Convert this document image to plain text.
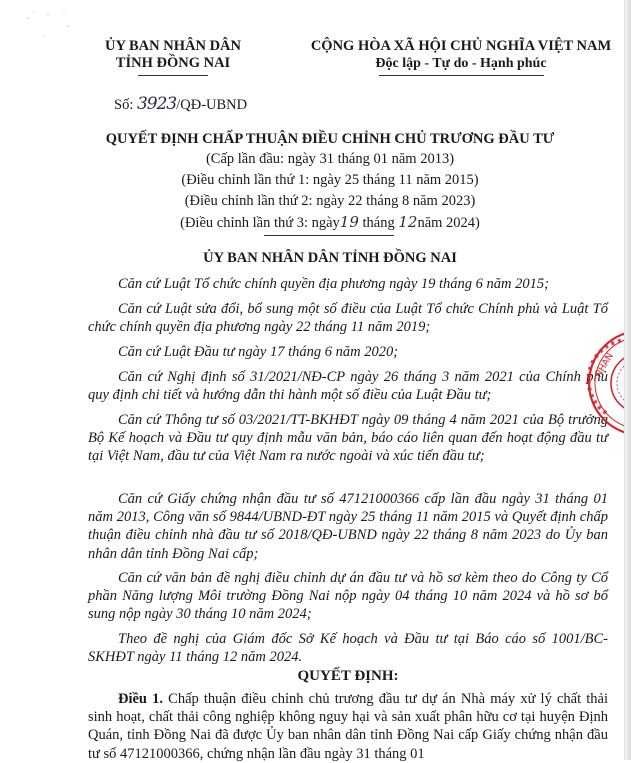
ỦY BAN NHÂN DÂN
TỈNH ĐỒNG NAI
Số: 3923/QĐ-UBND
CỘNG HÒA XÃ HỘI CHỦ NGHĨA VIỆT NAM
Độc lập - Tự do - Hạnh phúc
QUYẾT ĐỊNH CHẤP THUẬN ĐIỀU CHỈNH CHỦ TRƯƠNG ĐẦU TƯ
(Cấp lần đầu: ngày 31 tháng 01 năm 2013)
(Điều chỉnh lần thứ 1: ngày 25 tháng 11 năm 2015)
(Điều chỉnh lần thứ 2: ngày 22 tháng 8 năm 2023)
(Điều chỉnh lần thứ 3: ngày19 tháng 12năm 2024)
ỦY BAN NHÂN DÂN TỈNH ĐỒNG NAI
Căn cứ Luật Tổ chức chính quyền địa phương ngày 19 tháng 6 năm 2015;
Căn cứ Luật sửa đổi, bổ sung một số điều của Luật Tổ chức Chính phủ và Luật Tổ chức chính quyền địa phương ngày 22 tháng 11 năm 2019;
Căn cứ Luật Đầu tư ngày 17 tháng 6 năm 2020;
Căn cứ Nghị định số 31/2021/NĐ-CP ngày 26 tháng 3 năm 2021 của Chính phủ quy định chi tiết và hướng dẫn thi hành một số điều của Luật Đầu tư;
Căn cứ Thông tư số 03/2021/TT-BKHĐT ngày 09 tháng 4 năm 2021 của Bộ trưởng Bộ Kế hoạch và Đầu tư quy định mẫu văn bản, báo cáo liên quan đến hoạt động đầu tư tại Việt Nam, đầu tư của Việt Nam ra nước ngoài và xúc tiến đầu tư;
Căn cứ Giấy chứng nhận đầu tư số 47121000366 cấp lần đầu ngày 31 tháng 01 năm 2013, Công văn số 9844/UBND-ĐT ngày 25 tháng 11 năm 2015 và Quyết định chấp thuận điều chỉnh nhà đầu tư số 2018/QĐ-UBND ngày 22 tháng 8 năm 2023 do Ủy ban nhân dân tỉnh Đồng Nai cấp;
Căn cứ văn bản đề nghị điều chỉnh dự án đầu tư và hồ sơ kèm theo do Công ty Cổ phần Năng lượng Môi trường Đồng Nai nộp ngày 04 tháng 10 năm 2024 và hồ sơ bổ sung nộp ngày 30 tháng 10 năm 2024;
Theo đề nghị của Giám đốc Sở Kế hoạch và Đầu tư tại Báo cáo số 1001/BC-SKHĐT ngày 11 tháng 12 năm 2024.
QUYẾT ĐỊNH:
Điều 1. Chấp thuận điều chỉnh chủ trương đầu tư dự án Nhà máy xử lý chất thải sinh hoạt, chất thải công nghiệp không nguy hại và sản xuất phân hữu cơ tại huyện Định Quán, tỉnh Đồng Nai đã được Ủy ban nhân dân tỉnh Đồng Nai cấp Giấy chứng nhận đầu tư số 47121000366, chứng nhận lần đầu ngày 31 tháng 01
NHÂN
